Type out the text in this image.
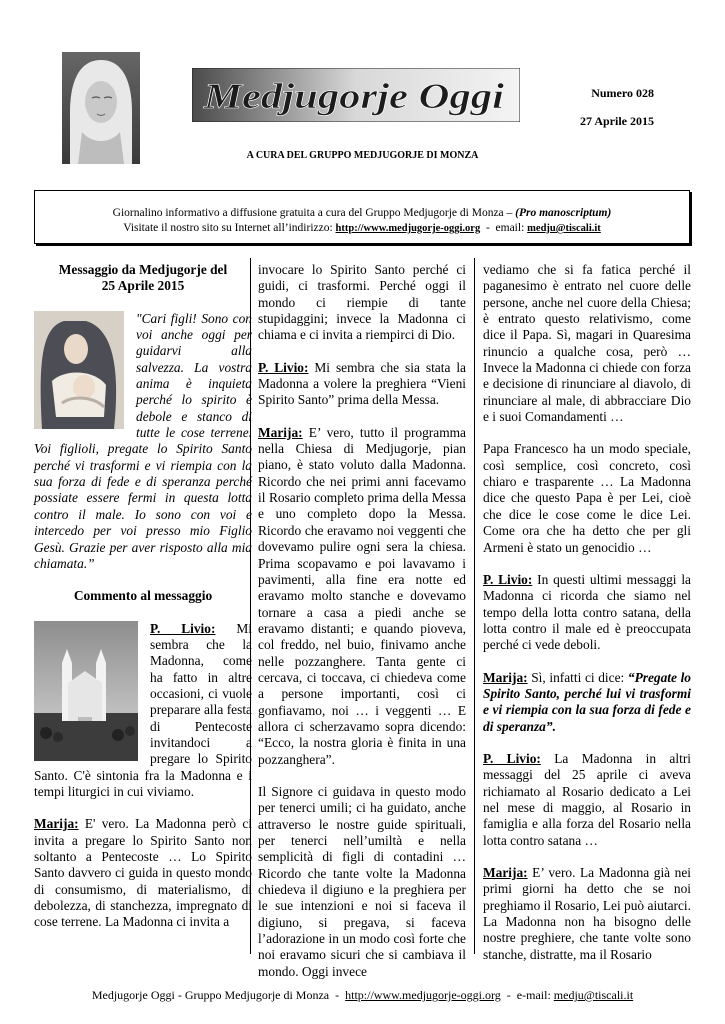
Medjugorje Oggi	Numero 028
27 Aprile 2015
A CURA DEL GRUPPO MEDJUGORJE DI MONZA
Giornalino informativo a diffusione gratuita a cura del Gruppo Medjugorje di Monza – (Pro manoscriptum)
Visitate il nostro sito su Internet all’indirizzo: http://www.medjugorje-oggi.org  -  email: medju@tiscali.it

Messaggio da Medjugorje del

25 Aprile 2015

"Cari figli! Sono con voi anche oggi per guidarvi alla salvezza. La vostra anima è inquieta perché lo spirito è debole e stanco di tutte le cose terrene. Voi figlioli, pregate lo Spirito Santo perché vi trasformi e vi riempia con la sua forza di fede e di speranza perché possiate essere fermi in questa lotta contro il male. Io sono con voi e intercedo per voi presso mio Figlio Gesù. Grazie per aver risposto alla mia chiamata.”

Commento al messaggio

P. Livio: Mi sembra che la Madonna, come ha fatto in altre occasioni, ci vuole preparare alla festa di Pentecoste invitandoci a pregare lo Spirito Santo. C'è sintonia fra la Madonna e i tempi liturgici in cui viviamo.

Marija: E' vero. La Madonna però ci invita a pregare lo Spirito Santo non soltanto a Pentecoste … Lo Spirito Santo davvero ci guida in questo mondo di consumismo, di materialismo, di debolezza, di stanchezza, impregnato di cose terrene. La Madonna ci invita a

invocare lo Spirito Santo perché ci guidi, ci trasformi. Perché oggi il mondo ci riempie di tante stupidaggini; invece la Madonna ci chiama e ci invita a riempirci di Dio.

P. Livio: Mi sembra che sia stata la Madonna a volere la preghiera “Vieni Spirito Santo” prima della Messa.

Marija: E’ vero, tutto il programma nella Chiesa di Medjugorje, pian piano, è stato voluto dalla Madonna. Ricordo che nei primi anni facevamo il Rosario completo prima della Messa e uno completo dopo la Messa. Ricordo che eravamo noi veggenti che dovevamo pulire ogni sera la chiesa. Prima scopavamo e poi lavavamo i pavimenti, alla fine era notte ed eravamo molto stanche e dovevamo tornare a casa a piedi anche se eravamo distanti; e quando pioveva, col freddo, nel buio, finivamo anche nelle pozzanghere. Tanta gente ci cercava, ci toccava, ci chiedeva come a persone importanti, così ci gonfiavamo, noi … i veggenti … E allora ci scherzavamo sopra dicendo: “Ecco, la nostra gloria è finita in una pozzanghera”.

Il Signore ci guidava in questo modo per tenerci umili; ci ha guidato, anche attraverso le nostre guide spirituali, per tenerci nell’umiltà e nella semplicità di figli di contadini … Ricordo che tante volte la Madonna chiedeva il digiuno e la preghiera per le sue intenzioni e noi si faceva il digiuno, si pregava, si faceva l’adorazione in un modo così forte che noi eravamo sicuri che si cambiava il mondo. Oggi invece

vediamo che si fa fatica perché il paganesimo è entrato nel cuore delle persone, anche nel cuore della Chiesa; è entrato questo relativismo, come dice il Papa. Sì, magari in Quaresima rinuncio a qualche cosa, però … Invece la Madonna ci chiede con forza e decisione di rinunciare al diavolo, di rinunciare al male, di abbracciare Dio e i suoi Comandamenti …

Papa Francesco ha un modo speciale, così semplice, così concreto, così chiaro e trasparente … La Madonna dice che questo Papa è per Lei, cioè che dice le cose come le dice Lei. Come ora che ha detto che per gli Armeni è stato un genocidio …

P. Livio: In questi ultimi messaggi la Madonna ci ricorda che siamo nel tempo della lotta contro satana, della lotta contro il male ed è preoccupata perché ci vede deboli.

Marija: Sì, infatti ci dice: “Pregate lo Spirito Santo, perché lui vi trasformi e vi riempia con la sua forza di fede e di speranza”.

P. Livio: La Madonna in altri messaggi del 25 aprile ci aveva richiamato al Rosario dedicato a Lei nel mese di maggio, al Rosario in famiglia e alla forza del Rosario nella lotta contro satana …

Marija: E’ vero. La Madonna già nei primi giorni ha detto che se noi preghiamo il Rosario, Lei può aiutarci. La Madonna non ha bisogno delle nostre preghiere, che tante volte sono stanche, distratte, ma il Rosario

Medjugorje Oggi - Gruppo Medjugorje di Monza  -  http://www.medjugorje-oggi.org  -  e-mail: medju@tiscali.it
